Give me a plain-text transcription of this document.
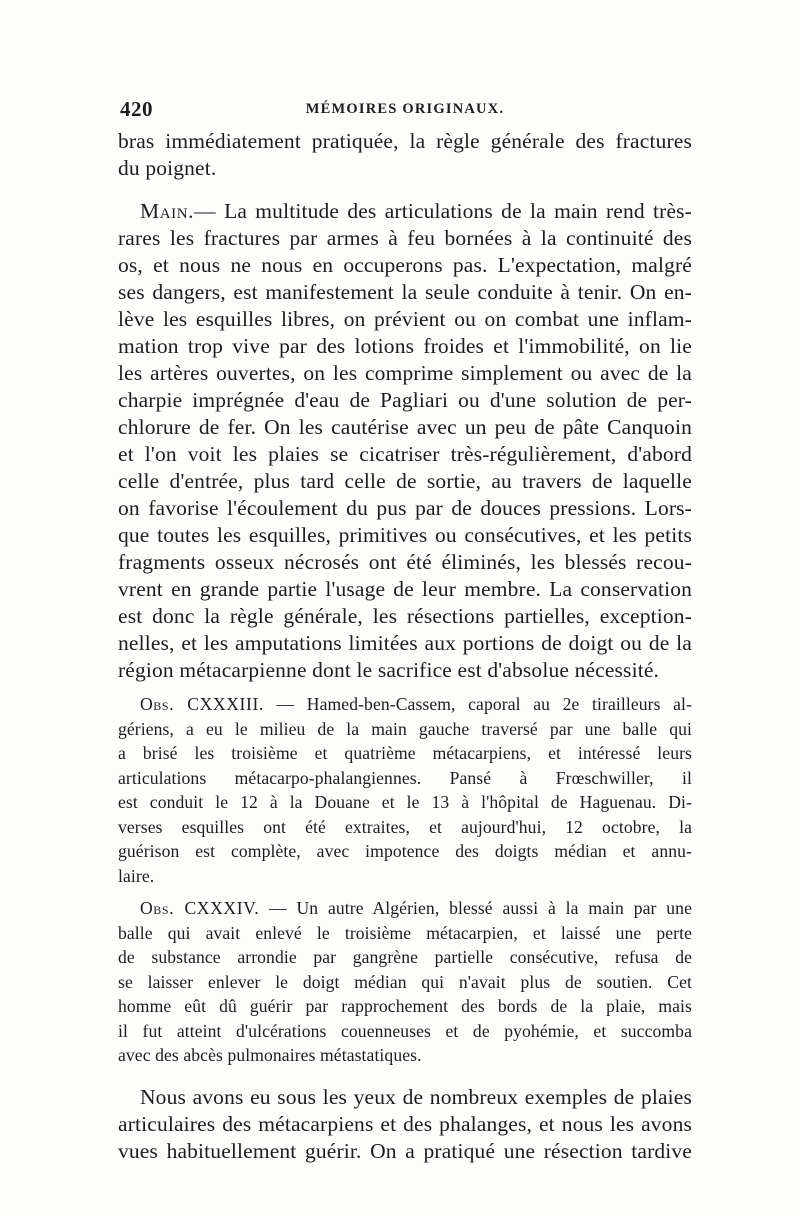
420	MÉMOIRES ORIGINAUX.
bras immédiatement pratiquée, la règle générale des fractures
du poignet.
Main.— La multitude des articulations de la main rend très-
rares les fractures par armes à feu bornées à la continuité des
os, et nous ne nous en occuperons pas. L'expectation, malgré
ses dangers, est manifestement la seule conduite à tenir. On en-
lève les esquilles libres, on prévient ou on combat une inflam-
mation trop vive par des lotions froides et l'immobilité, on lie
les artères ouvertes, on les comprime simplement ou avec de la
charpie imprégnée d'eau de Pagliari ou d'une solution de per-
chlorure de fer. On les cautérise avec un peu de pâte Canquoin
et l'on voit les plaies se cicatriser très-régulièrement, d'abord
celle d'entrée, plus tard celle de sortie, au travers de laquelle
on favorise l'écoulement du pus par de douces pressions. Lors-
que toutes les esquilles, primitives ou consécutives, et les petits
fragments osseux nécrosés ont été éliminés, les blessés recou-
vrent en grande partie l'usage de leur membre. La conservation
est donc la règle générale, les résections partielles, exception-
nelles, et les amputations limitées aux portions de doigt ou de la
région métacarpienne dont le sacrifice est d'absolue nécessité.
Obs. CXXXIII. — Hamed-ben-Cassem, caporal au 2e tirailleurs al-
gériens, a eu le milieu de la main gauche traversé par une balle qui
a brisé les troisième et quatrième métacarpiens, et intéressé leurs
articulations métacarpo-phalangiennes. Pansé à Frœschwiller, il
est conduit le 12 à la Douane et le 13 à l'hôpital de Haguenau. Di-
verses esquilles ont été extraites, et aujourd'hui, 12 octobre, la
guérison est complète, avec impotence des doigts médian et annu-
laire.
Obs. CXXXIV. — Un autre Algérien, blessé aussi à la main par une
balle qui avait enlevé le troisième métacarpien, et laissé une perte
de substance arrondie par gangrène partielle consécutive, refusa de
se laisser enlever le doigt médian qui n'avait plus de soutien. Cet
homme eût dû guérir par rapprochement des bords de la plaie, mais
il fut atteint d'ulcérations couenneuses et de pyohémie, et succomba
avec des abcès pulmonaires métastatiques.
Nous avons eu sous les yeux de nombreux exemples de plaies
articulaires des métacarpiens et des phalanges, et nous les avons
vues habituellement guérir. On a pratiqué une résection tardive
